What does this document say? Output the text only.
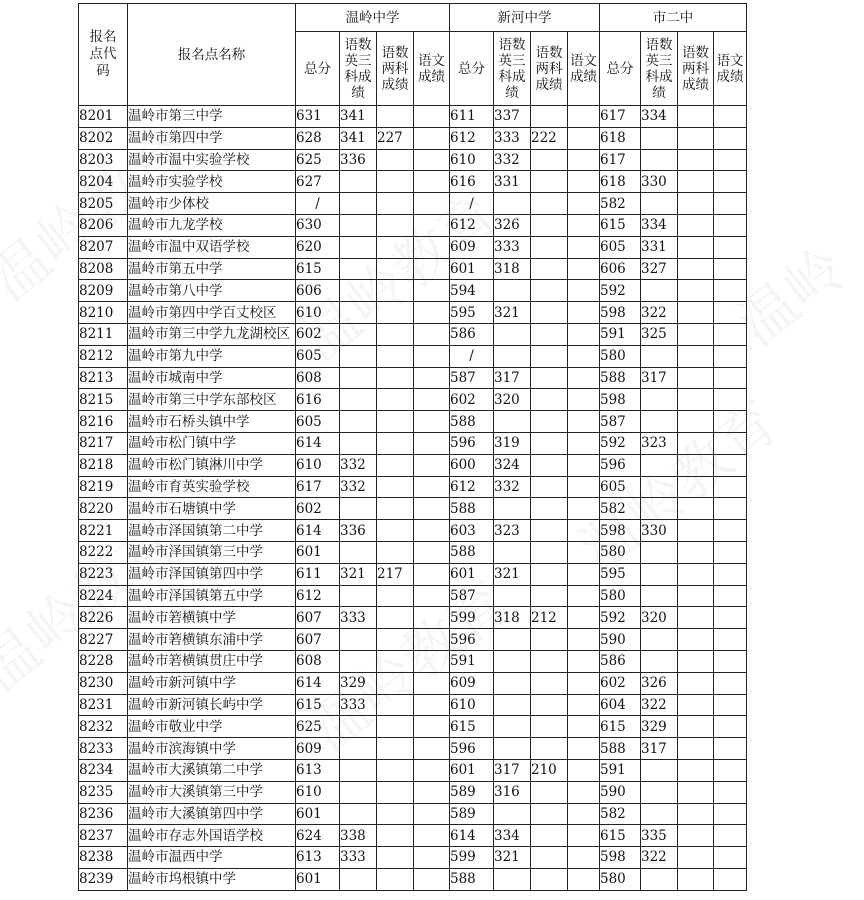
报名点代码	报名点名称	温岭中学				新河中学				市二中			
		总分	语数英三科成绩	语数两科成绩	语文成绩	总分	语数英三科成绩	语数两科成绩	语文成绩	总分	语数英三科成绩	语数两科成绩	语文成绩

8201	温岭市第三中学	631	341			611	337			617	334		
8202	温岭市第四中学	628	341	227		612	333	222		618			
8203	温岭市温中实验学校	625	336			610	332			617			
8204	温岭市实验学校	627				616	331			618	330		
8205	温岭市少体校	/				/				582			
8206	温岭市九龙学校	630				612	326			615	334		
8207	温岭市温中双语学校	620				609	333			605	331		
8208	温岭市第五中学	615				601	318			606	327		
8209	温岭市第八中学	606				594				592			
8210	温岭市第四中学百丈校区	610				595	321			598	322		
8211	温岭市第三中学九龙湖校区	602				586				591	325		
8212	温岭市第九中学	605				/				580			
8213	温岭市城南中学	608				587	317			588	317		
8215	温岭市第三中学东部校区	616				602	320			598			
8216	温岭市石桥头镇中学	605				588				587			
8217	温岭市松门镇中学	614				596	319			592	323		
8218	温岭市松门镇淋川中学	610	332			600	324			596			
8219	温岭市育英实验学校	617	332			612	332			605			
8220	温岭市石塘镇中学	602				588				582			
8221	温岭市泽国镇第二中学	614	336			603	323			598	330		
8222	温岭市泽国镇第三中学	601				588				580			
8223	温岭市泽国镇第四中学	611	321	217		601	321			595			
8224	温岭市泽国镇第五中学	612				587				580			
8226	温岭市箬横镇中学	607	333			599	318	212		592	320		
8227	温岭市箬横镇东浦中学	607				596				590			
8228	温岭市箬横镇贯庄中学	608				591				586			
8230	温岭市新河镇中学	614	329			609				602	326		
8231	温岭市新河镇长屿中学	615	333			610				604	322		
8232	温岭市敬业中学	625				615				615	329		
8233	温岭市滨海镇中学	609				596				588	317		
8234	温岭市大溪镇第二中学	613				601	317	210		591			
8235	温岭市大溪镇第三中学	610				589	316			590			
8236	温岭市大溪镇第四中学	601				589				582			
8237	温岭市存志外国语学校	624	338			614	334			615	335		
8238	温岭市温西中学	613	333			599	321			598	322		
8239	温岭市坞根镇中学	601				588				580			
